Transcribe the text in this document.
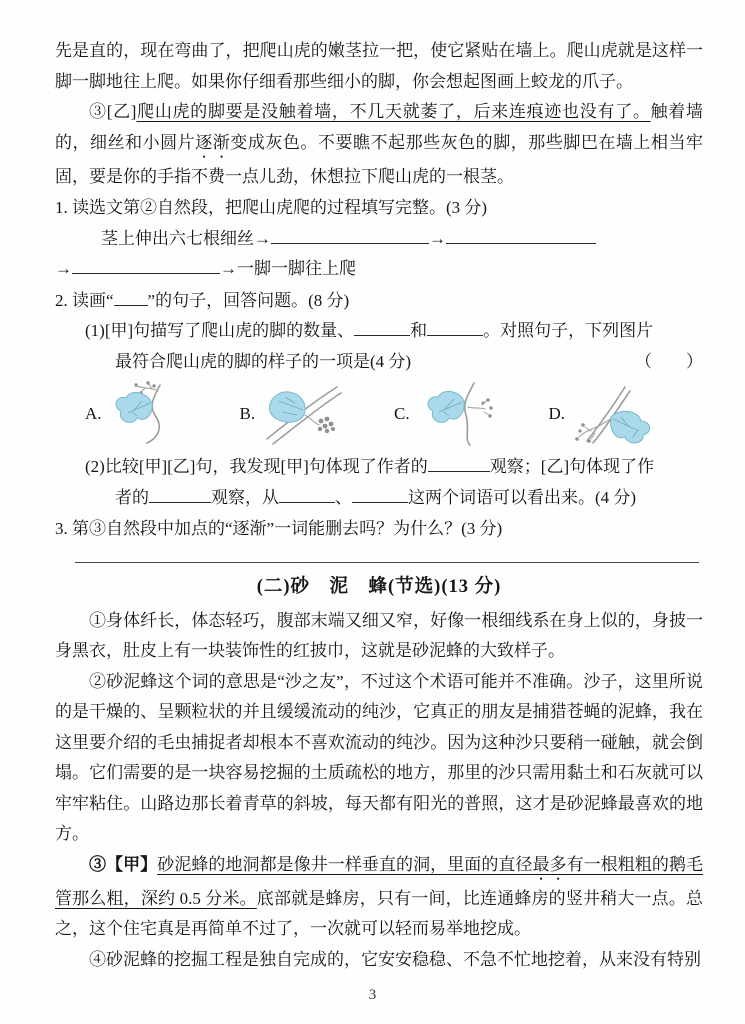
先是直的，现在弯曲了，把爬山虎的嫩茎拉一把，使它紧贴在墙上。爬山虎就是这样一脚一脚地往上爬。如果你仔细看那些细小的脚，你会想起图画上蛟龙的爪子。

③[乙]爬山虎的脚要是没触着墙，不几天就萎了，后来连痕迹也没有了。触着墙的，细丝和小圆片逐渐变成灰色。不要瞧不起那些灰色的脚，那些脚巴在墙上相当牢固，要是你的手指不费一点儿劲，休想拉下爬山虎的一根茎。

1. 读选文第②自然段，把爬山虎爬的过程填写完整。(3 分)

茎上伸出六七根细丝→	→
→	→一脚一脚往上爬

2. 读画“ ”的句子，回答问题。(8 分)

(1)[甲]句描写了爬山虎的脚的数量、	和	。对照句子，下列图片
最符合爬山虎的脚的样子的一项是(4 分)	（　　）
A.	B.	C.	D.
(2)比较[甲][乙]句，我发现[甲]句体现了作者的	观察；[乙]句体现了作
者的	观察，从	、	这两个词语可以看出来。(4 分)

3. 第③自然段中加点的“逐渐”一词能删去吗？为什么？(3 分)

(二)砂　泥　蜂(节选)(13 分)

①身体纤长，体态轻巧，腹部末端又细又窄，好像一根细线系在身上似的，身披一身黑衣，肚皮上有一块装饰性的红披巾，这就是砂泥蜂的大致样子。

②砂泥蜂这个词的意思是“沙之友”，不过这个术语可能并不准确。沙子，这里所说的是干燥的、呈颗粒状的并且缓缓流动的纯沙，它真正的朋友是捕猎苍蝇的泥蜂，我在这里要介绍的毛虫捕捉者却根本不喜欢流动的纯沙。因为这种沙只要稍一碰触，就会倒塌。它们需要的是一块容易挖掘的土质疏松的地方，那里的沙只需用黏土和石灰就可以牢牢粘住。山路边那长着青草的斜坡，每天都有阳光的普照，这才是砂泥蜂最喜欢的地方。

③【甲】砂泥蜂的地洞都是像井一样垂直的洞，里面的直径最多有一根粗粗的鹅毛管那么粗，深约 0.5 分米。底部就是蜂房，只有一间，比连通蜂房的竖井稍大一点。总之，这个住宅真是再简单不过了，一次就可以轻而易举地挖成。

④砂泥蜂的挖掘工程是独自完成的，它安安稳稳、不急不忙地挖着，从来没有特别

3
